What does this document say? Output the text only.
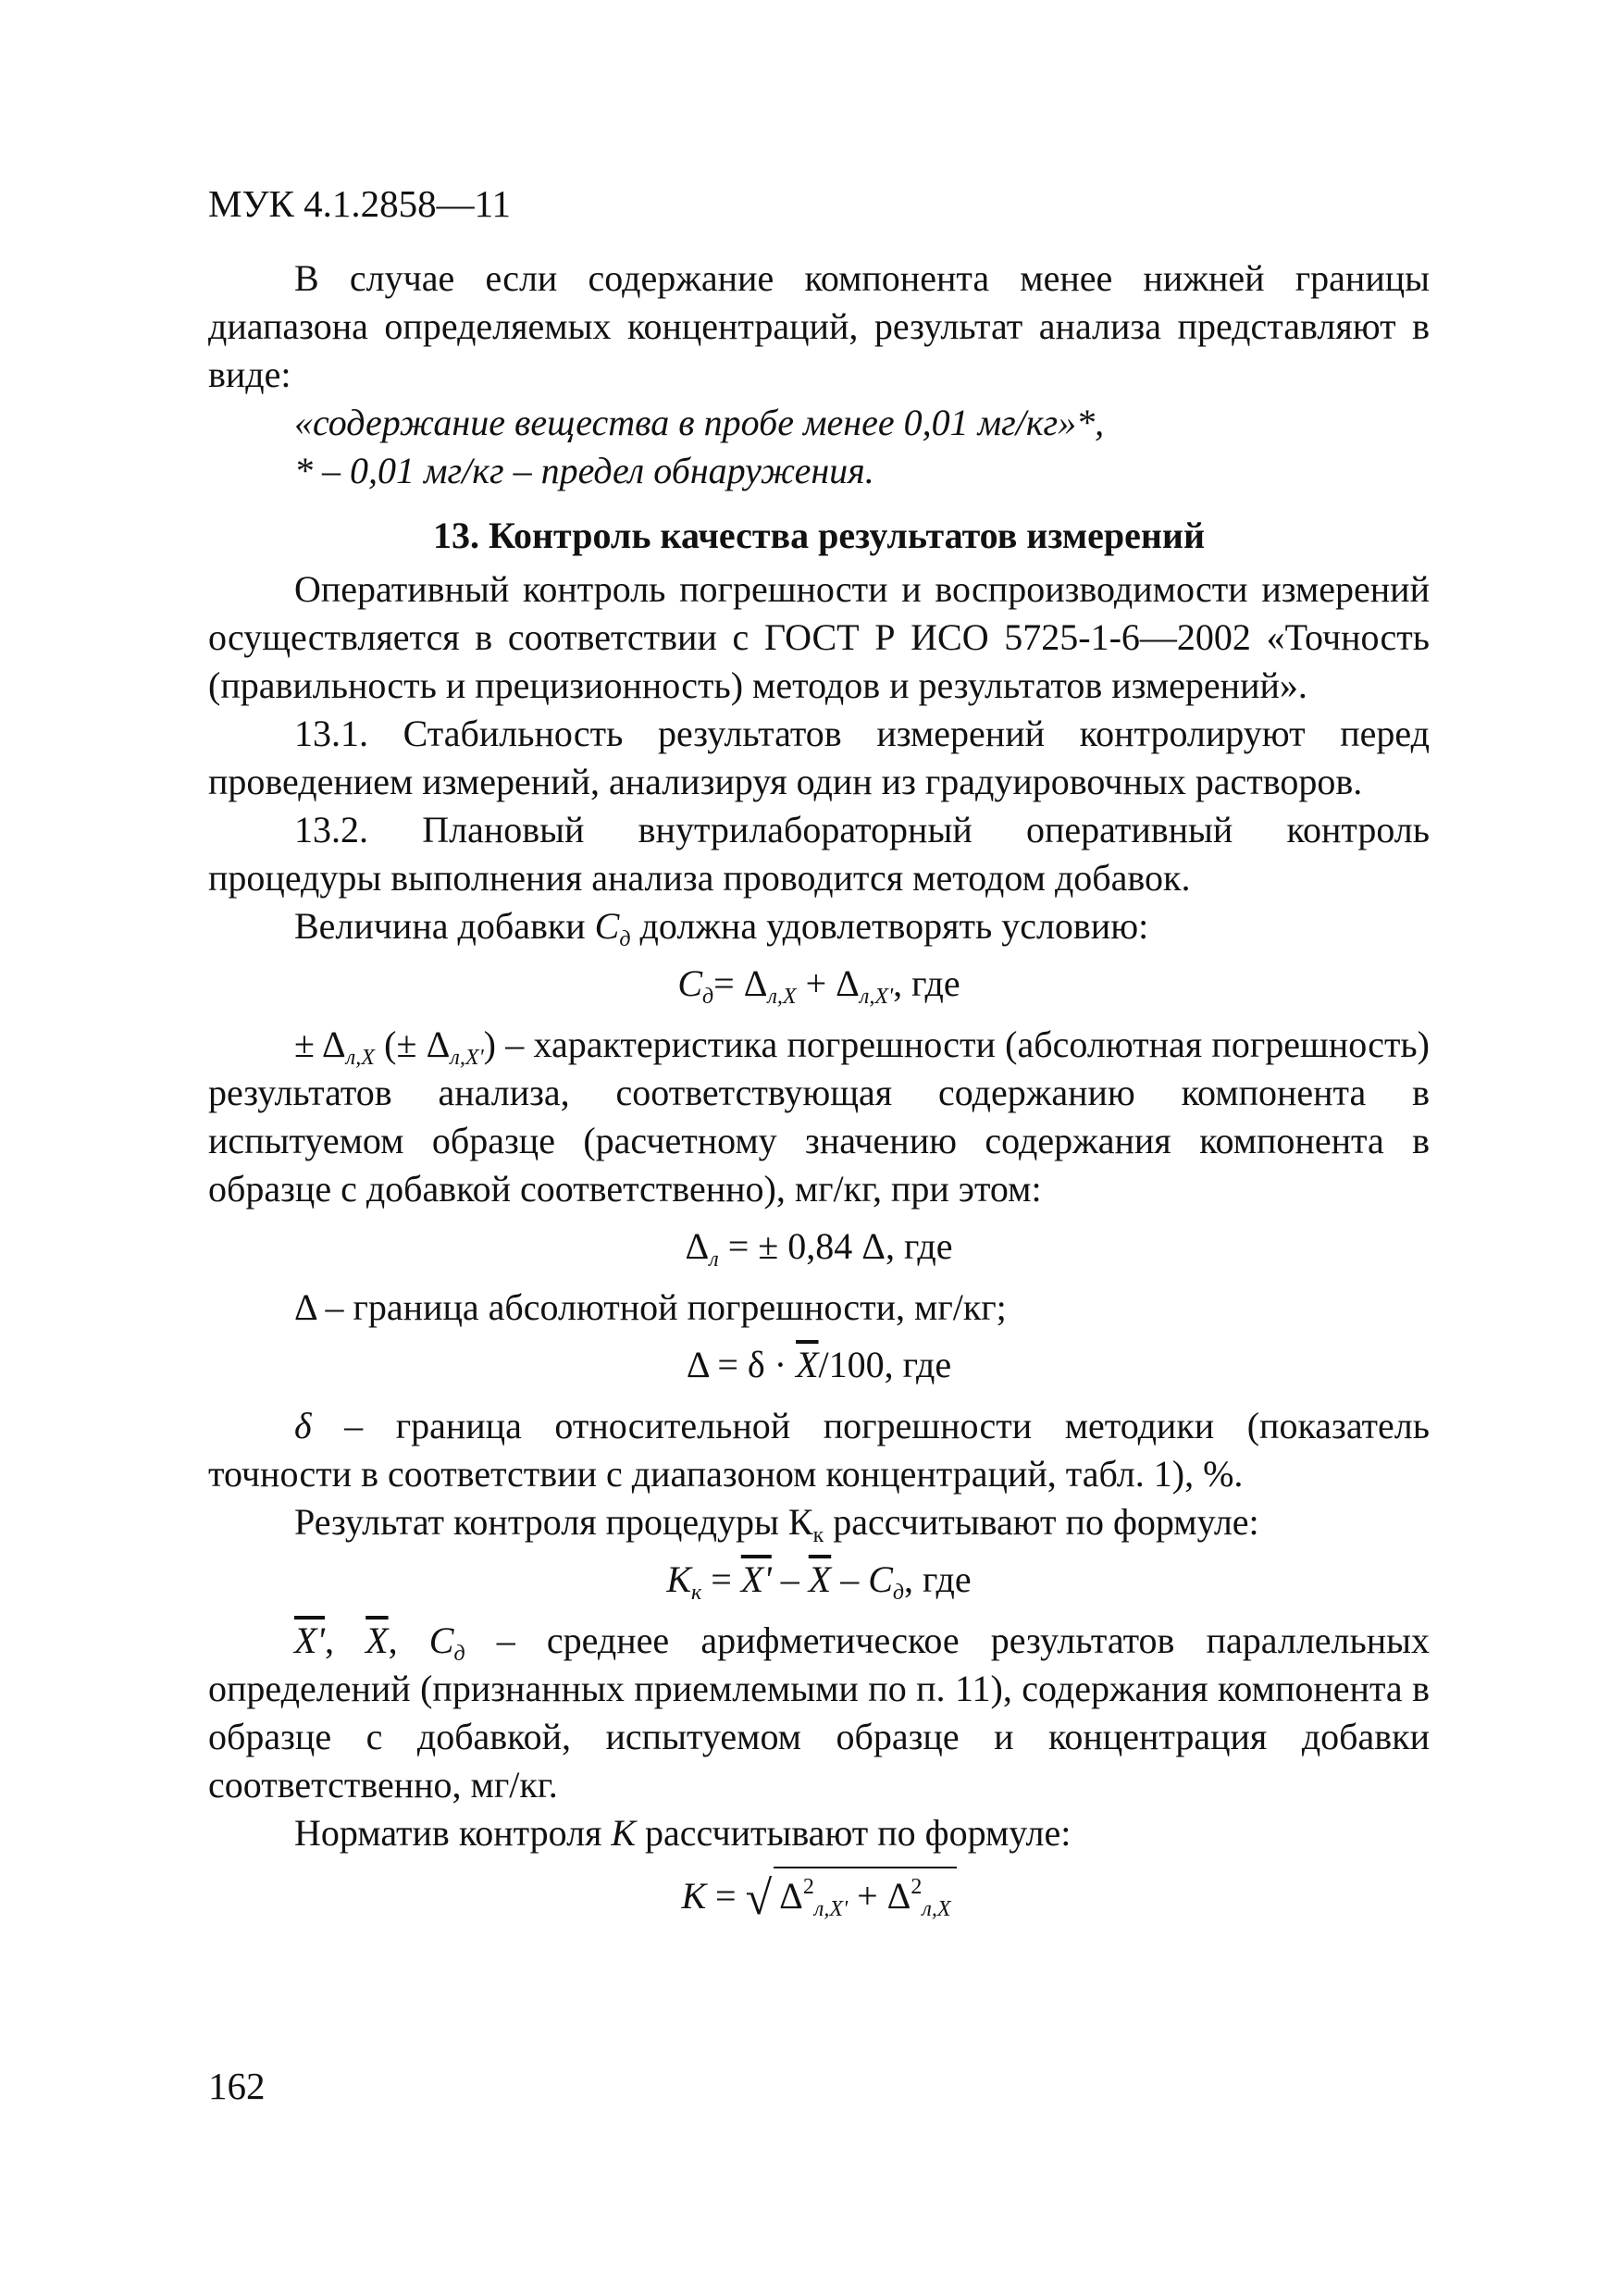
МУК 4.1.2858—11

В случае если содержание компонента менее нижней границы диапазона определяемых концентраций, результат анализа представляют в виде:

«содержание вещества в пробе менее 0,01 мг/кг»*,

* – 0,01 мг/кг – предел обнаружения.

13. Контроль качества результатов измерений

Оперативный контроль погрешности и воспроизводимости измерений осуществляется в соответствии с ГОСТ Р ИСО 5725-1-6—2002 «Точность (правильность и прецизионность) методов и результатов измерений».

13.1. Стабильность результатов измерений контролируют перед проведением измерений, анализируя один из градуировочных растворов.

13.2. Плановый внутрилабораторный оперативный контроль процедуры выполнения анализа проводится методом добавок.

Величина добавки $С_д$ должна удовлетворять условию:

$С_д= \Delta_{л,Х} + \Delta_{л,Х'}$, где

± $\Delta_{л,Х}$ (± $\Delta_{л,Х'}$) – характеристика погрешности (абсолютная погрешность) результатов анализа, соответствующая содержанию компонента в испытуемом образце (расчетному значению содержания компонента в образце с добавкой соответственно), мг/кг, при этом:

$\Delta_л$ = ± 0,84 Δ, где

Δ – граница абсолютной погрешности, мг/кг;

Δ = δ · Х/100, где

δ – граница относительной погрешности методики (показатель точности в соответствии с диапазоном концентраций, табл. 1), %.

Результат контроля процедуры $К_к$ рассчитывают по формуле:

$К_к = Х' - Х - С_д$, где

Х', Х, $С_д$ – среднее арифметическое результатов параллельных определений (признанных приемлемыми по п. 11), содержания компонента в образце с добавкой, испытуемом образце и концентрация добавки соответственно, мг/кг.

Норматив контроля К рассчитывают по формуле:

К = √ $\Delta^2_{л,Х'} + \Delta^2_{л,Х}$
162
